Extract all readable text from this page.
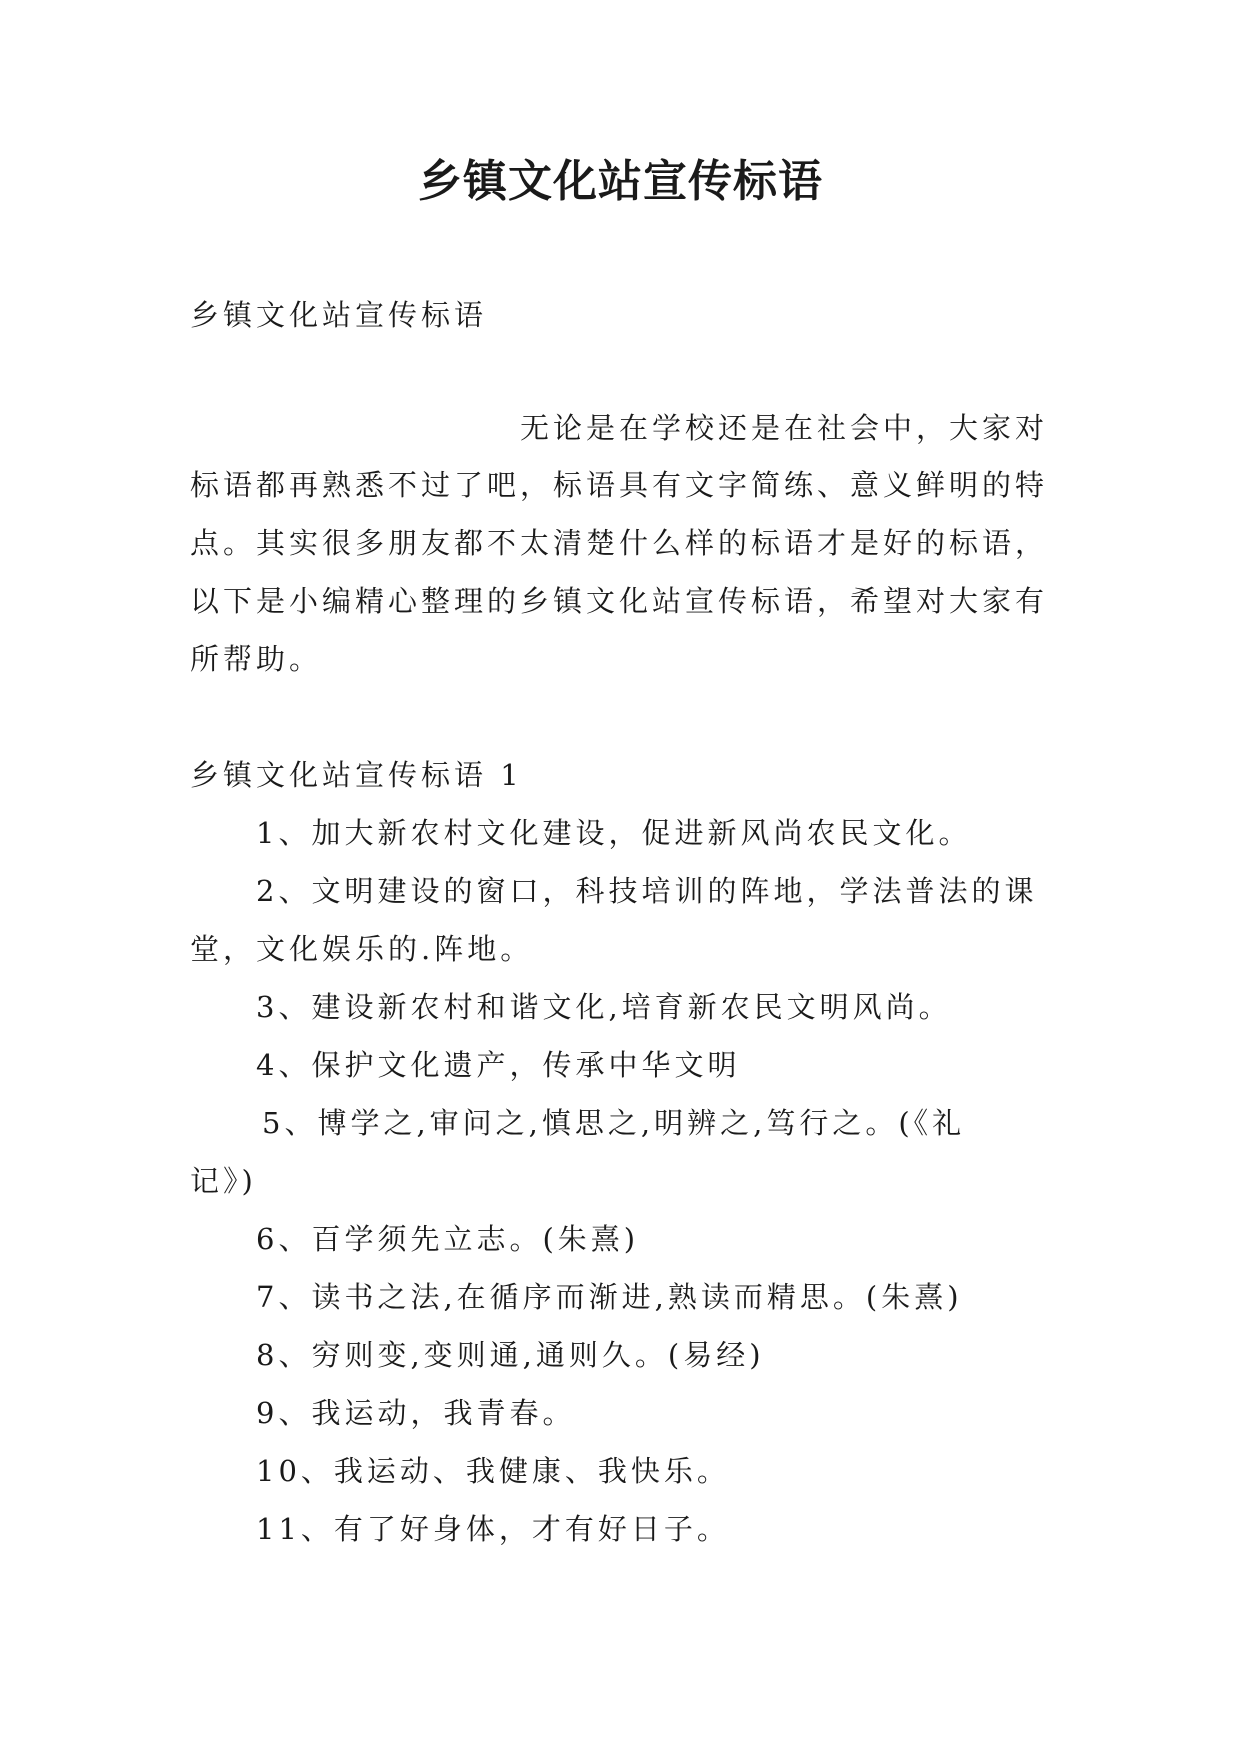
乡镇文化站宣传标语
乡镇文化站宣传标语
无论是在学校还是在社会中，大家对
标语都再熟悉不过了吧，标语具有文字简练、意义鲜明的特
点。其实很多朋友都不太清楚什么样的标语才是好的标语，
以下是小编精心整理的乡镇文化站宣传标语，希望对大家有
所帮助。
乡镇文化站宣传标语 1
1、加大新农村文化建设，促进新风尚农民文化。
2、文明建设的窗口，科技培训的阵地，学法普法的课
堂，文化娱乐的.阵地。
3、建设新农村和谐文化,培育新农民文明风尚。
4、保护文化遗产，传承中华文明
5、博学之,审问之,慎思之,明辨之,笃行之。(《礼
记》)
6、百学须先立志。(朱熹)
7、读书之法,在循序而渐进,熟读而精思。(朱熹)
8、穷则变,变则通,通则久。(易经)
9、我运动，我青春。
10、我运动、我健康、我快乐。
11、有了好身体，才有好日子。
